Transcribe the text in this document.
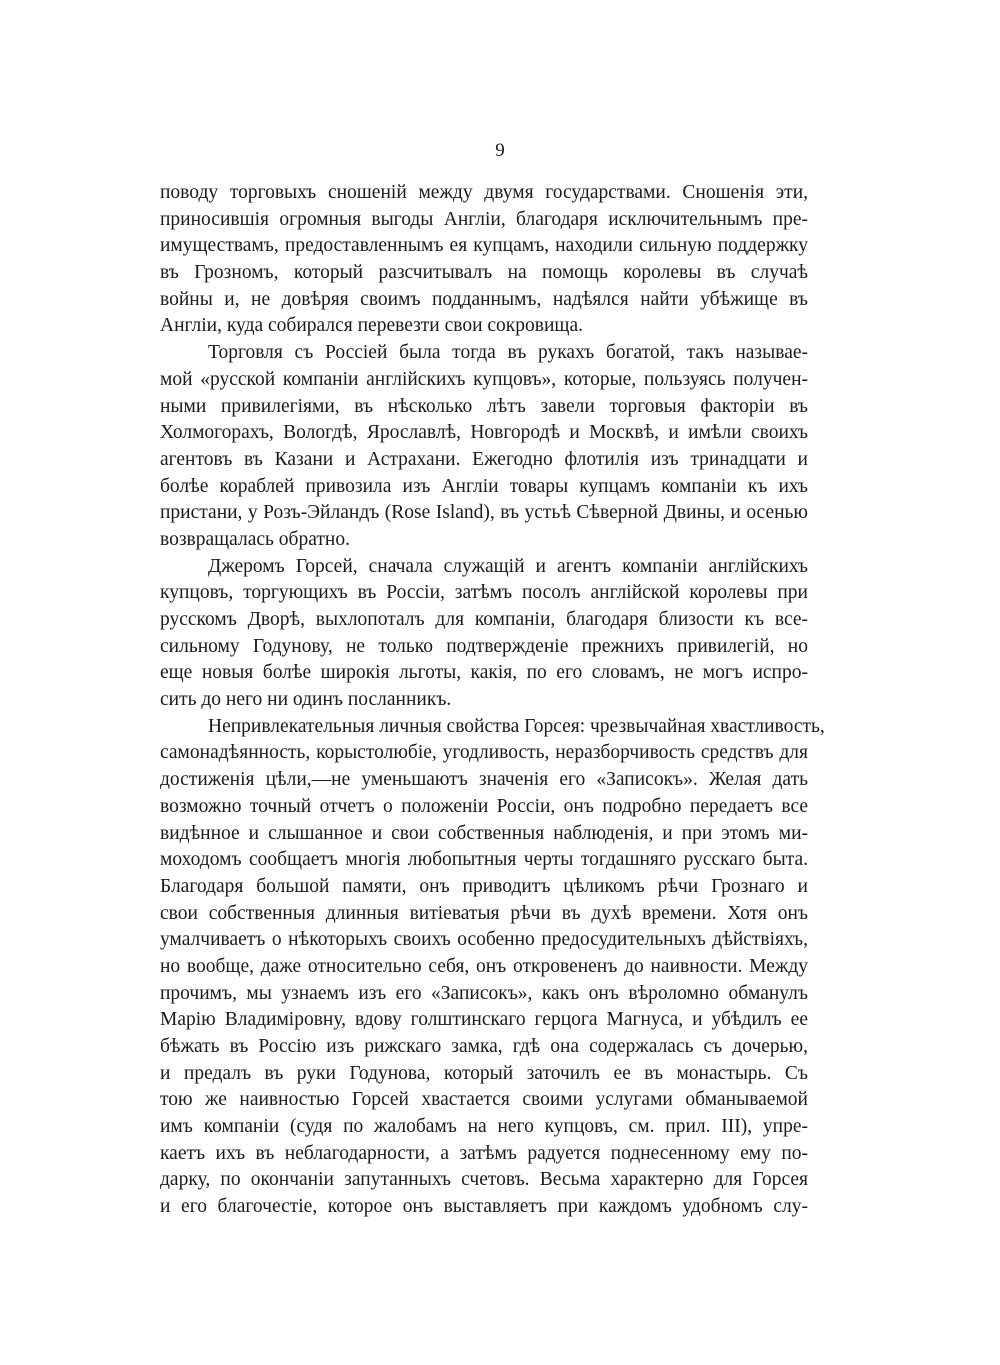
9
поводу торговыхъ сношенiй между двумя государствами. Сношенiя эти,
приносившiя огромныя выгоды Англiи, благодаря исключительнымъ пре-
имуществамъ, предоставленнымъ ея купцамъ, находили сильную поддержку
въ Грозномъ, который разсчитывалъ на помощь королевы въ случаѣ
войны и, не довѣряя своимъ подданнымъ, надѣялся найти убѣжище въ
Англiи, куда собирался перевезти свои сокровища.
Торговля съ Россiей была тогда въ рукахъ богатой, такъ называе-
мой «русской компанiи англiйскихъ купцовъ», которые, пользуясь получен-
ными привилегiями, въ нѣсколько лѣтъ завели торговыя факторiи въ
Холмогорахъ, Вологдѣ, Ярославлѣ, Новгородѣ и Москвѣ, и имѣли своихъ
агентовъ въ Казани и Астрахани. Ежегодно флотилiя изъ тринадцати и
болѣе кораблей привозила изъ Англiи товары купцамъ компанiи къ ихъ
пристани, у Розъ-Эйландъ (Rose Island), въ устьѣ Сѣверной Двины, и осенью
возвращалась обратно.
Джеромъ Горсей, сначала служащiй и агентъ компанiи англiйскихъ
купцовъ, торгующихъ въ Россiи, затѣмъ посолъ англiйской королевы при
русскомъ Дворѣ, выхлопоталъ для компанiи, благодаря близости къ все-
сильному Годунову, не только подтвержденiе прежнихъ привилегiй, но
еще новыя болѣе широкiя льготы, какiя, по его словамъ, не могъ испро-
сить до него ни одинъ посланникъ.
Непривлекательныя личныя свойства Горсея: чрезвычайная хвастливость,
самонадѣянность, корыстолюбiе, угодливость, неразборчивость средствъ для
достиженiя цѣли,—не уменьшаютъ значенiя его «Записокъ». Желая дать
возможно точный отчетъ о положенiи Россiи, онъ подробно передаетъ все
видѣнное и слышанное и свои собственныя наблюденiя, и при этомъ ми-
моходомъ сообщаетъ многiя любопытныя черты тогдашняго русскаго быта.
Благодаря большой памяти, онъ приводитъ цѣликомъ рѣчи Грознаго и
свои собственныя длинныя витiеватыя рѣчи въ духѣ времени. Хотя онъ
умалчиваетъ о нѣкоторыхъ своихъ особенно предосудительныхъ дѣйствiяхъ,
но вообще, даже относительно себя, онъ откровененъ до наивности. Между
прочимъ, мы узнаемъ изъ его «Записокъ», какъ онъ вѣроломно обманулъ
Марiю Владимiровну, вдову голштинскаго герцога Магнуса, и убѣдилъ ее
бѣжать въ Россiю изъ рижскаго замка, гдѣ она содержалась съ дочерью,
и предалъ въ руки Годунова, который заточилъ ее въ монастырь. Съ
тою же наивностью Горсей хвастается своими услугами обманываемой
имъ компанiи (судя по жалобамъ на него купцовъ, см. прил. III), упре-
каетъ ихъ въ неблагодарности, а затѣмъ радуется поднесенному ему по-
дарку, по окончанiи запутанныхъ счетовъ. Весьма характерно для Горсея
и его благочестiе, которое онъ выставляетъ при каждомъ удобномъ слу-
